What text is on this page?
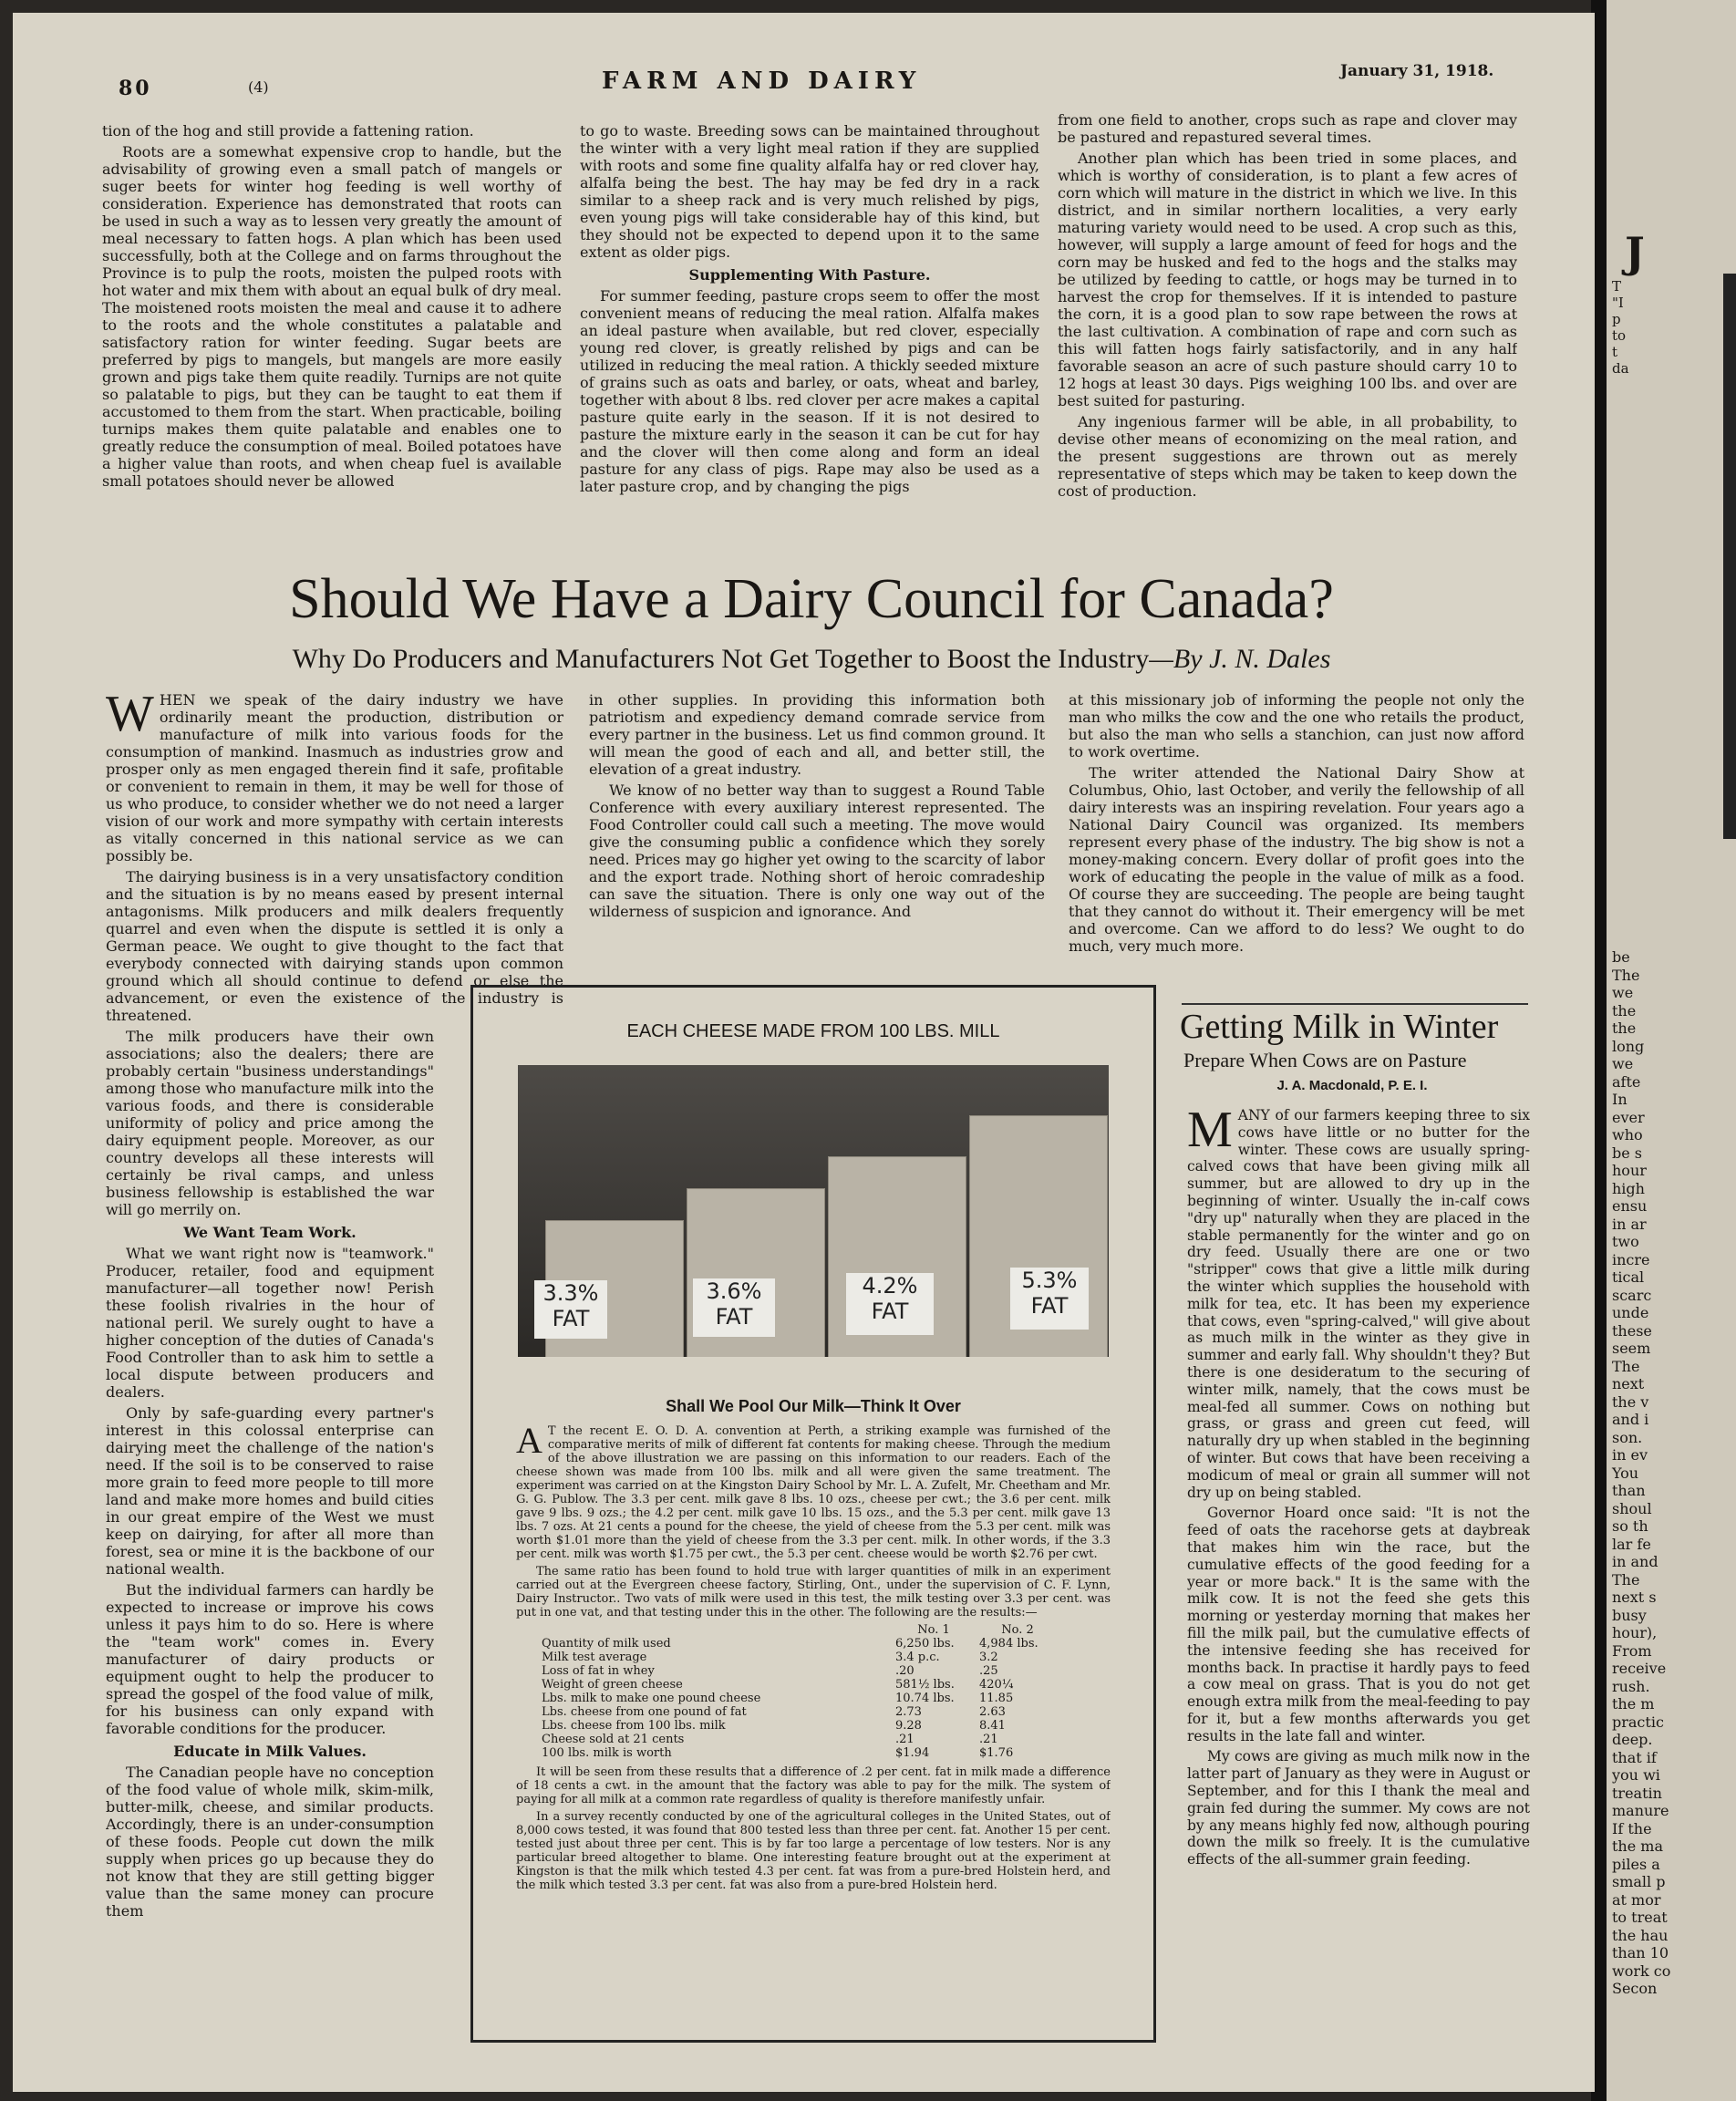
J
T
"I
p
to
t
da
be
The
we
the
the
long
we
afte
In
ever
who
be s
hour
high
ensu
in ar
two
incre
tical
scarc
unde
these
seem
The
next
the v
and i
son.
in ev
You
than
shoul
so th
lar fe
in and
The
next s
busy
hour),
From
receive
rush.
the m
practic
deep.
that if
you wi
treatin
manure
If the
the ma
piles a
small p
at mor
to treat
the hau
than 10
work co
Secon
80	(4)	FARM AND DAIRY	January 31, 1918.

tion of the hog and still provide a fattening ration.

Roots are a somewhat expensive crop to handle, but the advisability of growing even a small patch of mangels or suger beets for winter hog feeding is well worthy of consideration. Experience has demonstrated that roots can be used in such a way as to lessen very greatly the amount of meal necessary to fatten hogs. A plan which has been used successfully, both at the College and on farms throughout the Province is to pulp the roots, moisten the pulped roots with hot water and mix them with about an equal bulk of dry meal. The moistened roots moisten the meal and cause it to adhere to the roots and the whole constitutes a palatable and satisfactory ration for winter feeding. Sugar beets are preferred by pigs to mangels, but mangels are more easily grown and pigs take them quite readily. Turnips are not quite so palatable to pigs, but they can be taught to eat them if accustomed to them from the start. When practicable, boiling turnips makes them quite palatable and enables one to greatly reduce the consumption of meal. Boiled potatoes have a higher value than roots, and when cheap fuel is available small potatoes should never be allowed

to go to waste. Breeding sows can be maintained throughout the winter with a very light meal ration if they are supplied with roots and some fine quality alfalfa hay or red clover hay, alfalfa being the best. The hay may be fed dry in a rack similar to a sheep rack and is very much relished by pigs, even young pigs will take considerable hay of this kind, but they should not be expected to depend upon it to the same extent as older pigs.

Supplementing With Pasture.

For summer feeding, pasture crops seem to offer the most convenient means of reducing the meal ration. Alfalfa makes an ideal pasture when available, but red clover, especially young red clover, is greatly relished by pigs and can be utilized in reducing the meal ration. A thickly seeded mixture of grains such as oats and barley, or oats, wheat and barley, together with about 8 lbs. red clover per acre makes a capital pasture quite early in the season. If it is not desired to pasture the mixture early in the season it can be cut for hay and the clover will then come along and form an ideal pasture for any class of pigs. Rape may also be used as a later pasture crop, and by changing the pigs

from one field to another, crops such as rape and clover may be pastured and repastured several times.

Another plan which has been tried in some places, and which is worthy of consideration, is to plant a few acres of corn which will mature in the district in which we live. In this district, and in similar northern localities, a very early maturing variety would need to be used. A crop such as this, however, will supply a large amount of feed for hogs and the corn may be husked and fed to the hogs and the stalks may be utilized by feeding to cattle, or hogs may be turned in to harvest the crop for themselves. If it is intended to pasture the corn, it is a good plan to sow rape between the rows at the last cultivation. A combination of rape and corn such as this will fatten hogs fairly satisfactorily, and in any half favorable season an acre of such pasture should carry 10 to 12 hogs at least 30 days. Pigs weighing 100 lbs. and over are best suited for pasturing.

Any ingenious farmer will be able, in all probability, to devise other means of economizing on the meal ration, and the present suggestions are thrown out as merely representative of steps which may be taken to keep down the cost of production.

Should We Have a Dairy Council for Canada?
Why Do Producers and Manufacturers Not Get Together to Boost the Industry—By J. N. Dales

WHEN we speak of the dairy industry we have ordinarily meant the production, distribution or manufacture of milk into various foods for the consumption of mankind. Inasmuch as industries grow and prosper only as men engaged therein find it safe, profitable or convenient to remain in them, it may be well for those of us who produce, to consider whether we do not need a larger vision of our work and more sympathy with certain interests as vitally concerned in this national service as we can possibly be.

The dairying business is in a very unsatisfactory condition and the situation is by no means eased by present internal antagonisms. Milk producers and milk dealers frequently quarrel and even when the dispute is settled it is only a German peace. We ought to give thought to the fact that everybody connected with dairying stands upon common ground which all should continue to defend or else the advancement, or even the existence of the industry is threatened.

The milk producers have their own associations; also the dealers; there are probably certain "business understandings" among those who manufacture milk into the various foods, and there is considerable uniformity of policy and price among the dairy equipment people. Moreover, as our country develops all these interests will certainly be rival camps, and unless business fellowship is established the war will go merrily on.

We Want Team Work.

What we want right now is "teamwork." Producer, retailer, food and equipment manufacturer—all together now! Perish these foolish rivalries in the hour of national peril. We surely ought to have a higher conception of the duties of Canada's Food Controller than to ask him to settle a local dispute between producers and dealers.

Only by safe-guarding every partner's interest in this colossal enterprise can dairying meet the challenge of the nation's need. If the soil is to be conserved to raise more grain to feed more people to till more land and make more homes and build cities in our great empire of the West we must keep on dairying, for after all more than forest, sea or mine it is the backbone of our national wealth.

But the individual farmers can hardly be expected to increase or improve his cows unless it pays him to do so. Here is where the "team work" comes in. Every manufacturer of dairy products or equipment ought to help the producer to spread the gospel of the food value of milk, for his business can only expand with favorable conditions for the producer.

Educate in Milk Values.

The Canadian people have no conception of the food value of whole milk, skim-milk, butter-milk, cheese, and similar products. Accordingly, there is an under-consumption of these foods. People cut down the milk supply when prices go up because they do not know that they are still getting bigger value than the same money can procure them

in other supplies. In providing this information both patriotism and expediency demand comrade service from every partner in the business. Let us find common ground. It will mean the good of each and all, and better still, the elevation of a great industry.

We know of no better way than to suggest a Round Table Conference with every auxiliary interest represented. The Food Controller could call such a meeting. The move would give the consuming public a confidence which they sorely need. Prices may go higher yet owing to the scarcity of labor and the export trade. Nothing short of heroic comradeship can save the situation. There is only one way out of the wilderness of suspicion and ignorance. And

at this missionary job of informing the people not only the man who milks the cow and the one who retails the product, but also the man who sells a stanchion, can just now afford to work overtime.

The writer attended the National Dairy Show at Columbus, Ohio, last October, and verily the fellowship of all dairy interests was an inspiring revelation. Four years ago a National Dairy Council was organized. Its members represent every phase of the industry. The big show is not a money-making concern. Every dollar of profit goes into the work of educating the people in the value of milk as a food. Of course they are succeeding. The people are being taught that they cannot do without it. Their emergency will be met and overcome. Can we afford to do less? We ought to do much, very much more.

EACH CHEESE MADE FROM 100 LBS. MILL
3.3% FAT
3.6% FAT
4.2% FAT
5.3% FAT
Shall We Pool Our Milk—Think It Over

A T the recent E. O. D. A. convention at Perth, a striking example was furnished of the comparative merits of milk of different fat contents for making cheese. Through the medium of the above illustration we are passing on this information to our readers. Each of the cheese shown was made from 100 lbs. milk and all were given the same treatment. The experiment was carried on at the Kingston Dairy School by Mr. L. A. Zufelt, Mr. Cheetham and Mr. G. G. Publow. The 3.3 per cent. milk gave 8 lbs. 10 ozs., cheese per cwt.; the 3.6 per cent. milk gave 9 lbs. 9 ozs.; the 4.2 per cent. milk gave 10 lbs. 15 ozs., and the 5.3 per cent. milk gave 13 lbs. 7 ozs. At 21 cents a pound for the cheese, the yield of cheese from the 5.3 per cent. milk was worth $1.01 more than the yield of cheese from the 3.3 per cent. milk. In other words, if the 3.3 per cent. milk was worth $1.75 per cwt., the 5.3 per cent. cheese would be worth $2.76 per cwt.

The same ratio has been found to hold true with larger quantities of milk in an experiment carried out at the Evergreen cheese factory, Stirling, Ont., under the supervision of C. F. Lynn, Dairy Instructor.. Two vats of milk were used in this test, the milk testing over 3.3 per cent. was put in one vat, and that testing under this in the other. The following are the results:—

	No. 1	No. 2
Quantity of milk used	6,250 lbs.	4,984 lbs.
Milk test average	3.4 p.c.	3.2
Loss of fat in whey	.20	.25
Weight of green cheese	581½ lbs.	420¼
Lbs. milk to make one pound cheese	10.74 lbs.	11.85
Lbs. cheese from one pound of fat	2.73	2.63
Lbs. cheese from 100 lbs. milk	9.28	8.41
Cheese sold at 21 cents	.21	.21
100 lbs. milk is worth	$1.94	$1.76

It will be seen from these results that a difference of .2 per cent. fat in milk made a difference of 18 cents a cwt. in the amount that the factory was able to pay for the milk. The system of paying for all milk at a common rate regardless of quality is therefore manifestly unfair.

In a survey recently conducted by one of the agricultural colleges in the United States, out of 8,000 cows tested, it was found that 800 tested less than three per cent. fat. Another 15 per cent. tested just about three per cent. This is by far too large a percentage of low testers. Nor is any particular breed altogether to blame. One interesting feature brought out at the experiment at Kingston is that the milk which tested 4.3 per cent. fat was from a pure-bred Holstein herd, and the milk which tested 3.3 per cent. fat was also from a pure-bred Holstein herd.

Getting Milk in Winter
Prepare When Cows are on Pasture
J. A. Macdonald, P. E. I.

MANY of our farmers keeping three to six cows have little or no butter for the winter. These cows are usually spring-calved cows that have been giving milk all summer, but are allowed to dry up in the beginning of winter. Usually the in-calf cows "dry up" naturally when they are placed in the stable permanently for the winter and go on dry feed. Usually there are one or two "stripper" cows that give a little milk during the winter which supplies the household with milk for tea, etc. It has been my experience that cows, even "spring-calved," will give about as much milk in the winter as they give in summer and early fall. Why shouldn't they? But there is one desideratum to the securing of winter milk, namely, that the cows must be meal-fed all summer. Cows on nothing but grass, or grass and green cut feed, will naturally dry up when stabled in the beginning of winter. But cows that have been receiving a modicum of meal or grain all summer will not dry up on being stabled.

Governor Hoard once said: "It is not the feed of oats the racehorse gets at daybreak that makes him win the race, but the cumulative effects of the good feeding for a year or more back." It is the same with the milk cow. It is not the feed she gets this morning or yesterday morning that makes her fill the milk pail, but the cumulative effects of the intensive feeding she has received for months back. In practise it hardly pays to feed a cow meal on grass. That is you do not get enough extra milk from the meal-feeding to pay for it, but a few months afterwards you get results in the late fall and winter.

My cows are giving as much milk now in the latter part of January as they were in August or September, and for this I thank the meal and grain fed during the summer. My cows are not by any means highly fed now, although pouring down the milk so freely. It is the cumulative effects of the all-summer grain feeding.
